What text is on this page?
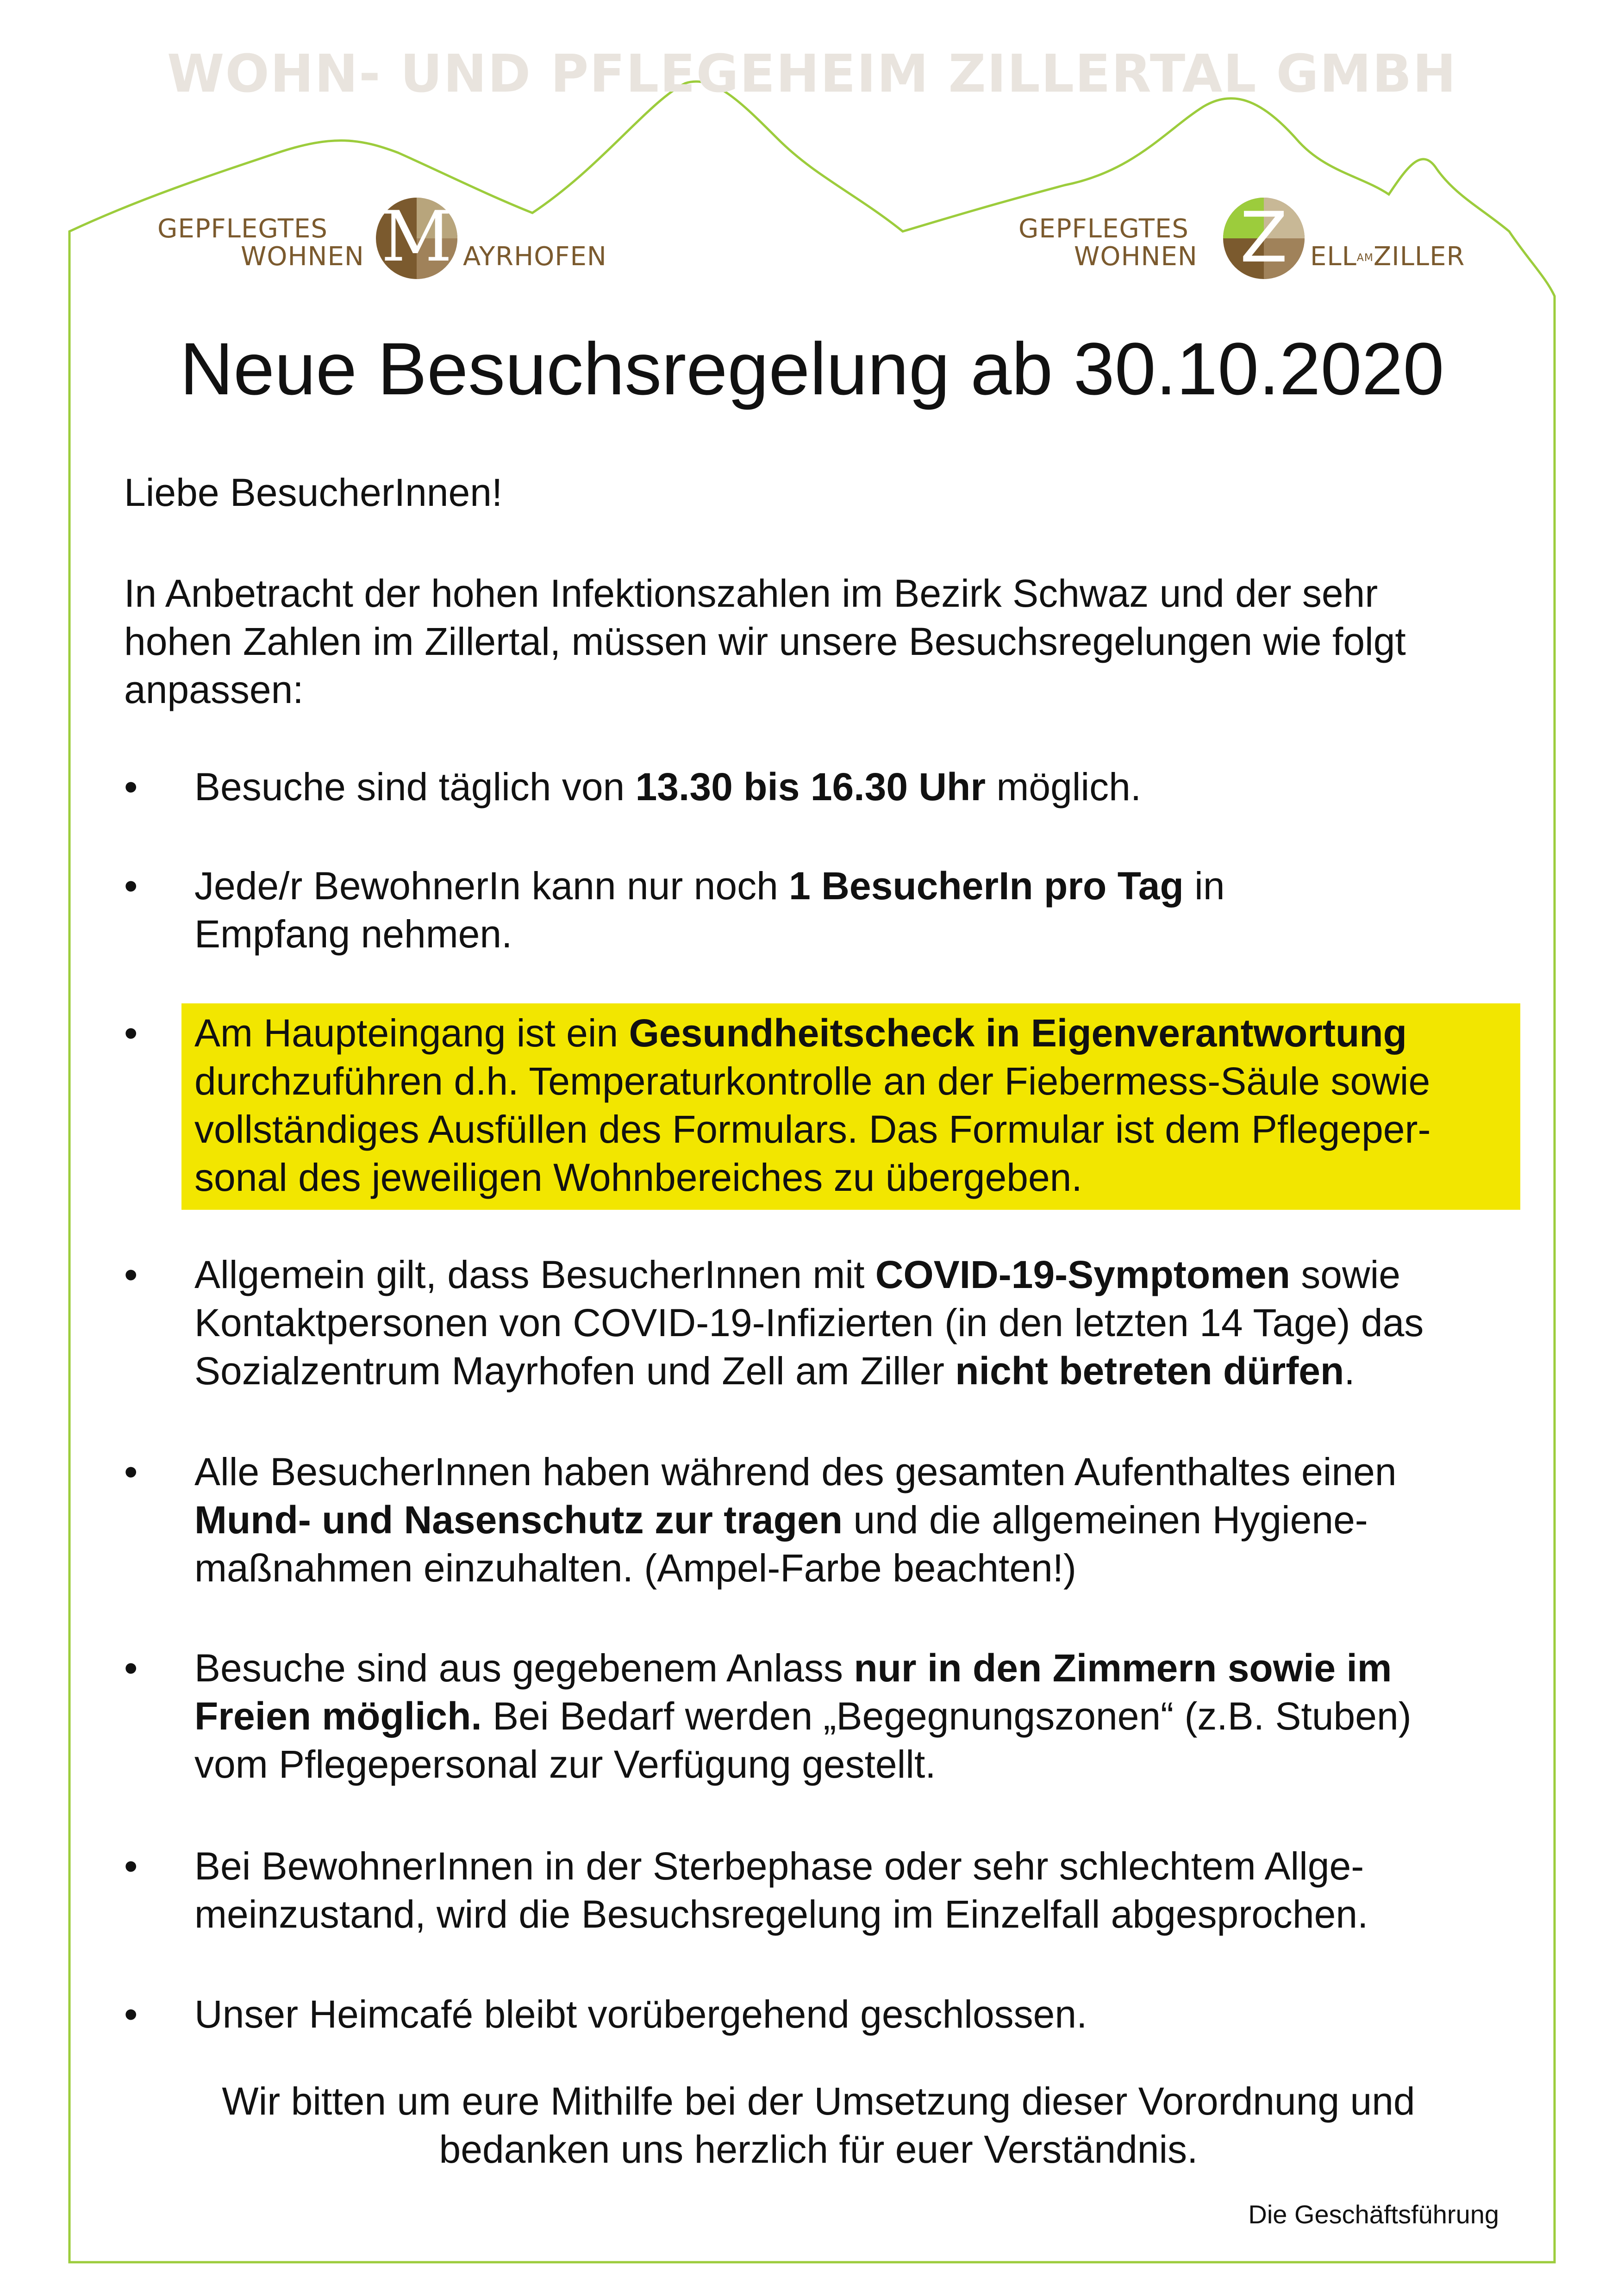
WOHN- UND PFLEGEHEIM ZILLERTAL GMBH
GEPFLEGTES
WOHNEN M AYRHOFEN
GEPFLEGTES
WOHNEN Z ELLAMZILLER
Neue Besuchsregelung ab 30.10.2020
Liebe BesucherInnen!
In Anbetracht der hohen Infektionszahlen im Bezirk Schwaz und der sehr
hohen Zahlen im Zillertal, müssen wir unsere Besuchsregelungen wie folgt
anpassen:
• Besuche sind täglich von 13.30 bis 16.30 Uhr möglich.
• Jede/r BewohnerIn kann nur noch 1 BesucherIn pro Tag in
Empfang nehmen.
• Am Haupteingang ist ein Gesundheitscheck in Eigenverantwortung
durchzuführen d.h. Temperaturkontrolle an der Fiebermess-Säule sowie
vollständiges Ausfüllen des Formulars. Das Formular ist dem Pflegeper-
sonal des jeweiligen Wohnbereiches zu übergeben.
• Allgemein gilt, dass BesucherInnen mit COVID-19-Symptomen sowie
Kontaktpersonen von COVID-19-Infizierten (in den letzten 14 Tage) das
Sozialzentrum Mayrhofen und Zell am Ziller nicht betreten dürfen.
• Alle BesucherInnen haben während des gesamten Aufenthaltes einen
Mund- und Nasenschutz zur tragen und die allgemeinen Hygiene-
maßnahmen einzuhalten. (Ampel-Farbe beachten!)
• Besuche sind aus gegebenem Anlass nur in den Zimmern sowie im
Freien möglich. Bei Bedarf werden „Begegnungszonen“ (z.B. Stuben)
vom Pflegepersonal zur Verfügung gestellt.
• Bei BewohnerInnen in der Sterbephase oder sehr schlechtem Allge-
meinzustand, wird die Besuchsregelung im Einzelfall abgesprochen.
• Unser Heimcafé bleibt vorübergehend geschlossen.
Wir bitten um eure Mithilfe bei der Umsetzung dieser Vorordnung und
bedanken uns herzlich für euer Verständnis.
Die Geschäftsführung
